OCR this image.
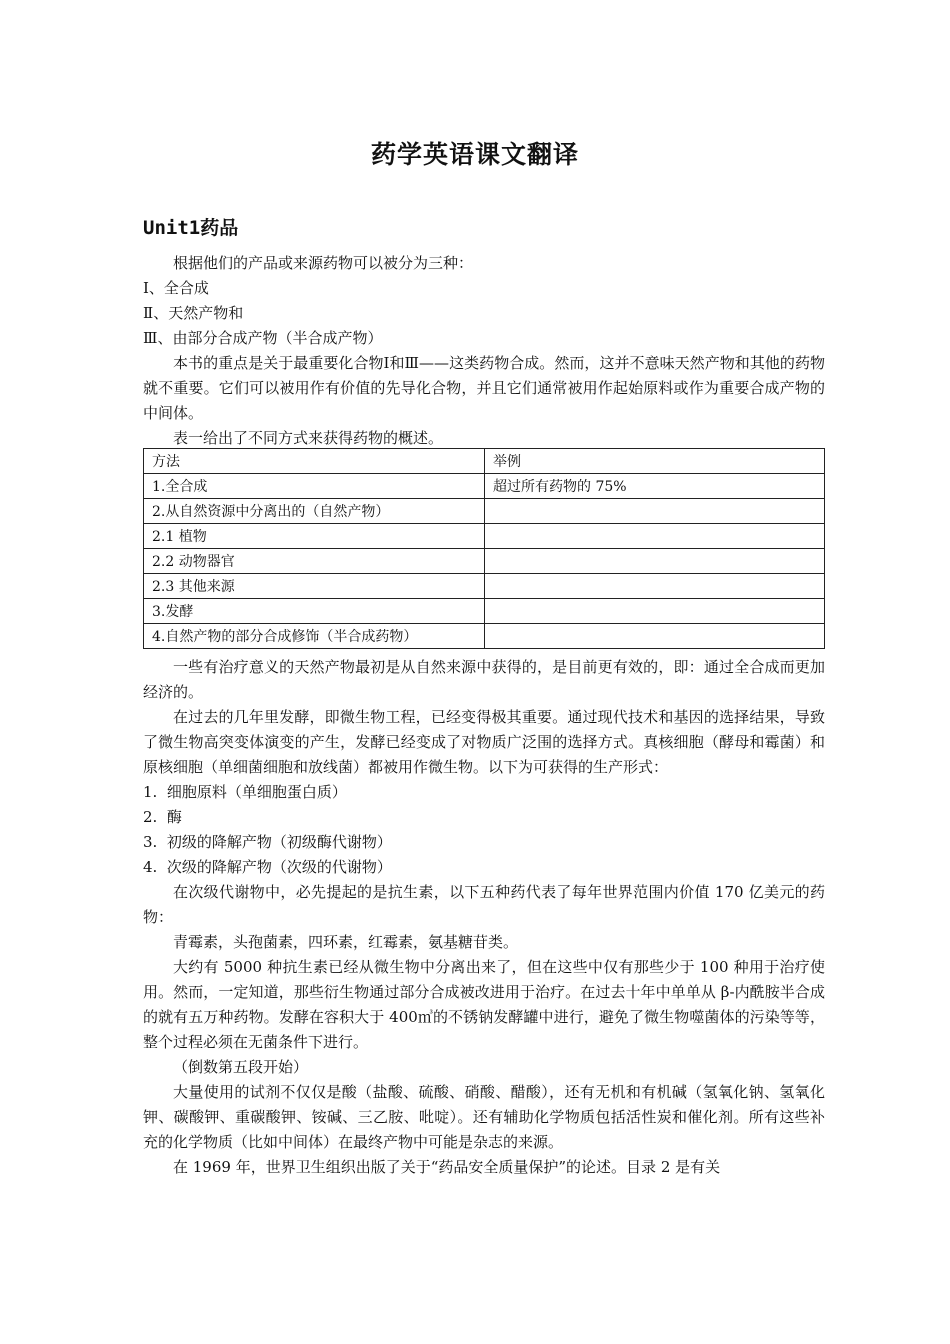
药学英语课文翻译
Unit1药品

根据他们的产品或来源药物可以被分为三种：

Ⅰ、全合成

Ⅱ、天然产物和

Ⅲ、由部分合成产物（半合成产物）

本书的重点是关于最重要化合物Ⅰ和Ⅲ——这类药物合成。然而，这并不意味天然产物和其他的药物就不重要。它们可以被用作有价值的先导化合物，并且它们通常被用作起始原料或作为重要合成产物的中间体。

表一给出了不同方式来获得药物的概述。

方法	举例
1.全合成	超过所有药物的 75%
2.从自然资源中分离出的（自然产物）	
2.1 植物	
2.2 动物器官	
2.3 其他来源	
3.发酵	
4.自然产物的部分合成修饰（半合成药物）	

一些有治疗意义的天然产物最初是从自然来源中获得的，是目前更有效的，即：通过全合成而更加经济的。

在过去的几年里发酵，即微生物工程，已经变得极其重要。通过现代技术和基因的选择结果，导致了微生物高突变体演变的产生，发酵已经变成了对物质广泛围的选择方式。真核细胞（酵母和霉菌）和原核细胞（单细菌细胞和放线菌）都被用作微生物。以下为可获得的生产形式：

1.  细胞原料（单细胞蛋白质）

2.  酶

3.  初级的降解产物（初级酶代谢物）

4.  次级的降解产物（次级的代谢物）

在次级代谢物中，必先提起的是抗生素，以下五种药代表了每年世界范围内价值 170 亿美元的药物：

青霉素，头孢菌素，四环素，红霉素，氨基糖苷类。

大约有 5000 种抗生素已经从微生物中分离出来了，但在这些中仅有那些少于 100 种用于治疗使用。然而，一定知道，那些衍生物通过部分合成被改进用于治疗。在过去十年中单单从 β-内酰胺半合成的就有五万种药物。发酵在容积大于 400㎥的不锈钠发酵罐中进行，避免了微生物噬菌体的污染等等，整个过程必须在无菌条件下进行。

（倒数第五段开始）

大量使用的试剂不仅仅是酸（盐酸、硫酸、硝酸、醋酸），还有无机和有机碱（氢氧化钠、氢氧化钾、碳酸钾、重碳酸钾、铵碱、三乙胺、吡啶）。还有辅助化学物质包括活性炭和催化剂。所有这些补充的化学物质（比如中间体）在最终产物中可能是杂志的来源。

在 1969 年，世界卫生组织出版了关于“药品安全质量保护”的论述。目录 2 是有关
